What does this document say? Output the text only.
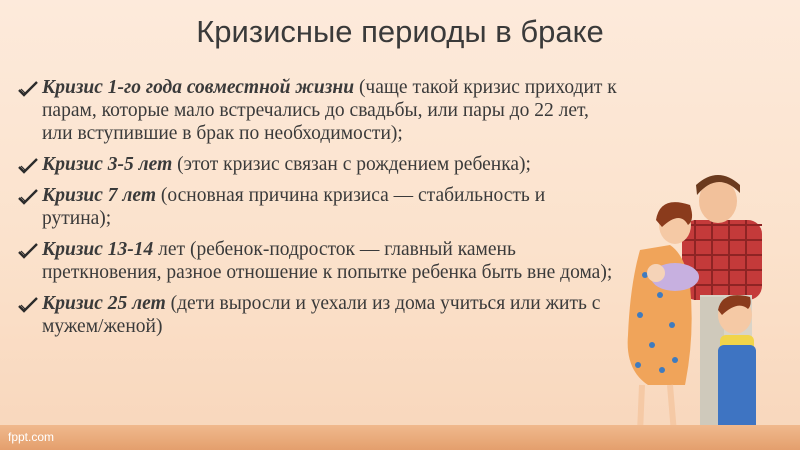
Кризисные периоды в браке
Кризис 1-го года совместной жизни (чаще такой кризис приходит к парам, которые мало встречались до свадьбы, или пары до 22 лет, или вступившие в брак по необходимости);
Кризис 3-5 лет (этот кризис связан с рождением ребенка);
Кризис 7 лет (основная причина кризиса — стабильность и рутина);
Кризис 13-14 лет (ребенок-подросток — главный камень преткновения, разное отношение к попытке ребенка быть вне дома);
Кризис 25 лет (дети выросли и уехали из дома учиться или жить с мужем/женой)
fppt.com
